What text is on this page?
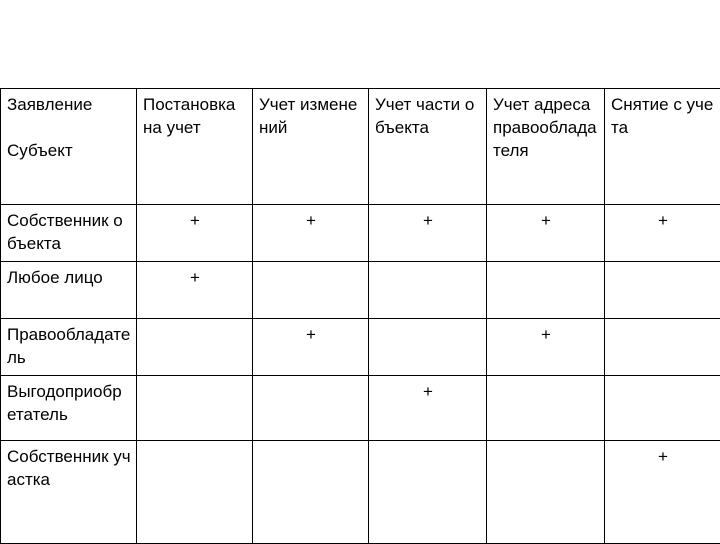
Заявление
Субъект	Постановка на учет	Учет изменений	Учет части объекта	Учет адреса правообладателя	Снятие с учета
Собственник объекта	+	+	+	+	+
Любое лицо	+				
Правообладатель		+		+	
Выгодоприобретатель			+		
Собственник участка					+
